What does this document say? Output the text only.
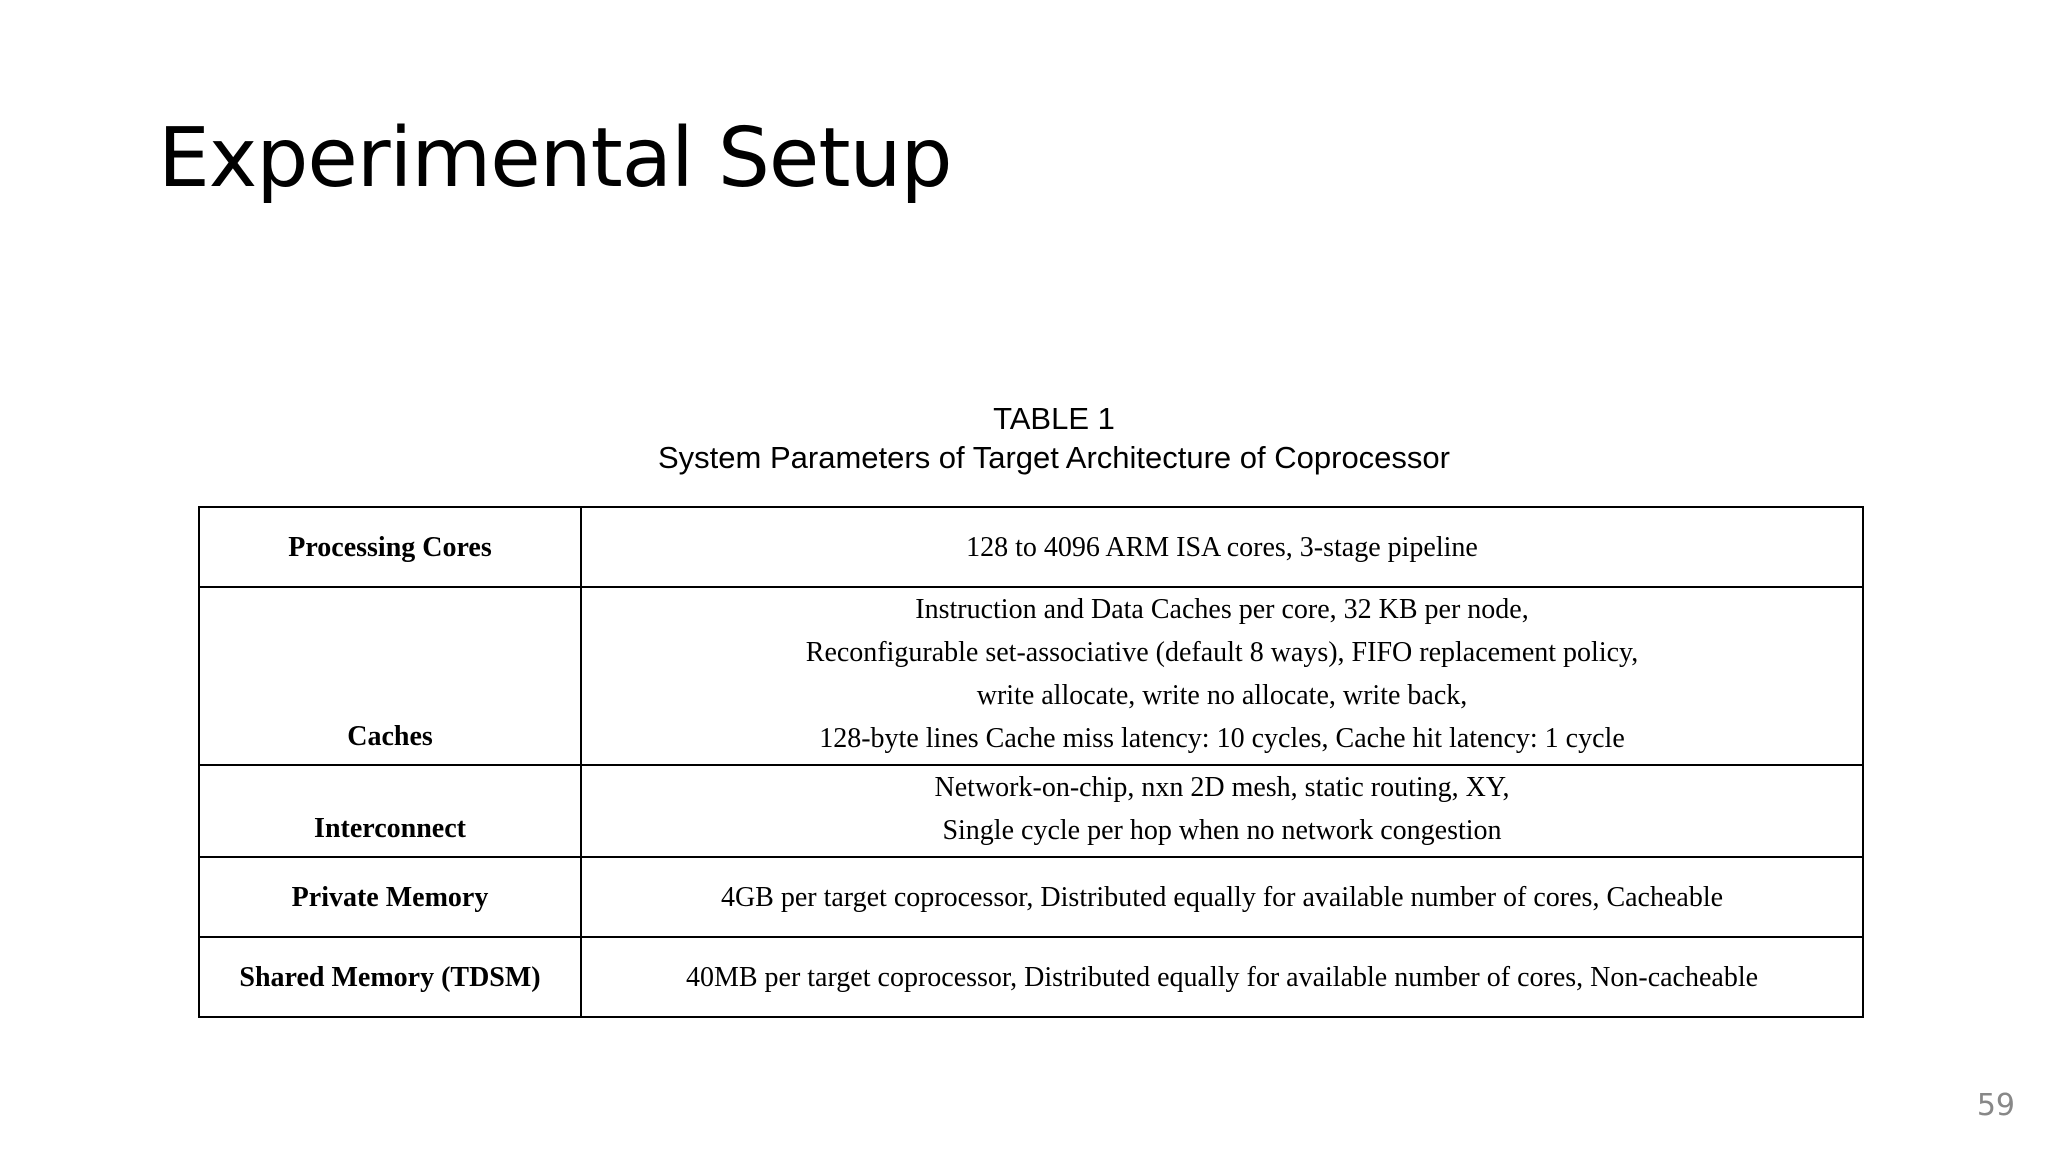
Experimental Setup
TABLE 1
System Parameters of Target Architecture of Coprocessor
Processing Cores	128 to 4096 ARM ISA cores, 3-stage pipeline

Caches	Instruction and Data Caches per core, 32 KB per node,
Reconfigurable set-associative (default 8 ways), FIFO replacement policy,
write allocate, write no allocate, write back,
128-byte lines Cache miss latency: 10 cycles, Cache hit latency: 1 cycle

Interconnect	Network-on-chip, nxn 2D mesh, static routing, XY,
Single cycle per hop when no network congestion

Private Memory	4GB per target coprocessor, Distributed equally for available number of cores, Cacheable

Shared Memory (TDSM)	40MB per target coprocessor, Distributed equally for available number of cores, Non-cacheable
59
